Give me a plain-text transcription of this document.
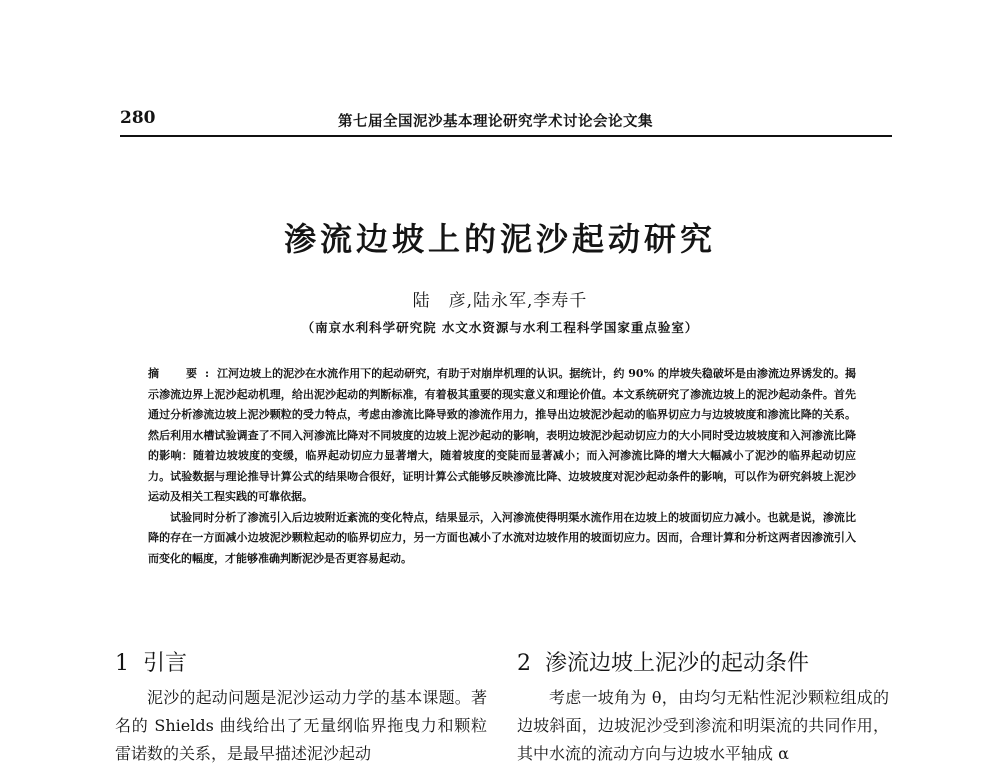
280	第七届全国泥沙基本理论研究学术讨论会论文集
渗流边坡上的泥沙起动研究
陆　彦,陆永军,李寿千
（南京水利科学研究院 水文水资源与水利工程科学国家重点验室）

摘　要:江河边坡上的泥沙在水流作用下的起动研究，有助于对崩岸机理的认识。据统计，约 90% 的岸坡失稳破坏是由渗流边界诱发的。揭示渗流边界上泥沙起动机理，给出泥沙起动的判断标准，有着极其重要的现实意义和理论价值。本文系统研究了渗流边坡上的泥沙起动条件。首先通过分析渗流边坡上泥沙颗粒的受力特点，考虑由渗流比降导致的渗流作用力，推导出边坡泥沙起动的临界切应力与边坡坡度和渗流比降的关系。然后利用水槽试验调查了不同入河渗流比降对不同坡度的边坡上泥沙起动的影响，表明边坡泥沙起动切应力的大小同时受边坡坡度和入河渗流比降的影响：随着边坡坡度的变缓，临界起动切应力显著增大，随着坡度的变陡而显著减小；而入河渗流比降的增大大幅减小了泥沙的临界起动切应力。试验数据与理论推导计算公式的结果吻合很好，证明计算公式能够反映渗流比降、边坡坡度对泥沙起动条件的影响，可以作为研究斜坡上泥沙运动及相关工程实践的可靠依据。

试验同时分析了渗流引入后边坡附近紊流的变化特点，结果显示，入河渗流使得明渠水流作用在边坡上的坡面切应力减小。也就是说，渗流比降的存在一方面减小边坡泥沙颗粒起动的临界切应力，另一方面也减小了水流对边坡作用的坡面切应力。因而，合理计算和分析这两者因渗流引入而变化的幅度，才能够准确判断泥沙是否更容易起动。

1 引言	2 渗流边坡上泥沙的起动条件

泥沙的起动问题是泥沙运动力学的基本课题。著名的 Shields 曲线给出了无量纲临界拖曳力和颗粒雷诺数的关系，是最早描述泥沙起动

考虑一坡角为 θ，由均匀无粘性泥沙颗粒组成的边坡斜面，边坡泥沙受到渗流和明渠流的共同作用，其中水流的流动方向与边坡水平轴成 α
